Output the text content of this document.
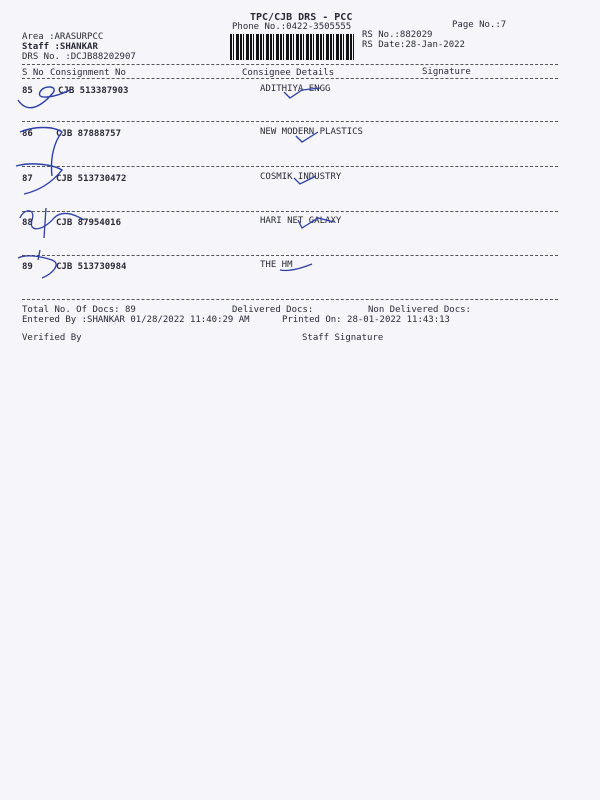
TPC/CJB DRS - PCC
Phone No.:0422-3505555	Page No.:7
Area :ARASURPCC
Staff :SHANKAR
DRS No. :DCJB88202907
RS No.:882029
RS Date:28-Jan-2022
S No Consignment No	Consignee Details	Signature
85	CJB 513387903	ADITHIYA ENGG
86	CJB 87888757	NEW MODERN PLASTICS
87	CJB 513730472	COSMIK INDUSTRY
88	CJB 87954016	HARI NET GALAXY
89	CJB 513730984	THE HM
Total No. Of Docs: 89	Delivered Docs:	Non Delivered Docs:
Entered By :SHANKAR 01/28/2022 11:40:29 AM	Printed On: 28-01-2022 11:43:13
Verified By	Staff Signature
